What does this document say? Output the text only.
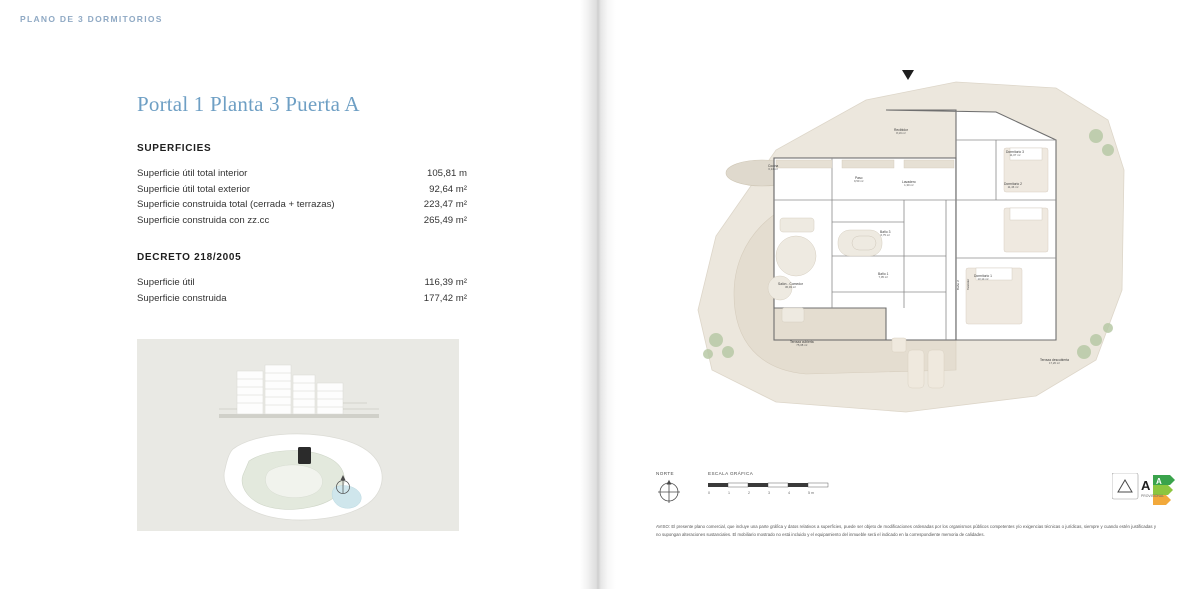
PLANO DE 3 DORMITORIOS
Portal 1 Planta 3 Puerta A
SUPERFICIES
Superficie útil total interior	105,81 m
Superficie útil total exterior	92,64 m²
Superficie construida total (cerrada + terrazas)	223,47 m²
Superficie construida con zz.cc	265,49 m²
DECRETO 218/2005
Superficie útil	116,39 m²
Superficie construida	177,42 m²
Recibidor
8,19 m²
Cocina
6,14 m²
Paso
9,50 m²	Lavadero
1,30 m²
Dormitorio 3
11,07 m²
Dormitorio 2
11,46 m²
Baño 3
6,75 m²
Baño 1
7,05 m²	Dormitorio 1
13,14 m²
Salón - Comedor
36,49 m²
Terraza cubierta
75,38 m²
Terraza descubierta
17,26 m²
Baño 2 Vestidor
NORTE	ESCALA GRÁFICA
0	1	2	3	4	5 m	A A
PROVISIONAL
AVISO: El presente plano comercial, que incluye una parte gráfica y datos relativos a superficies, puede ser objeto de modificaciones ordenadas por los organismos públicos competentes y/o exigencias técnicas o jurídicas, siempre y cuando estén justificadas y no supongan alteraciones sustanciales. El mobiliario mostrado no está incluido y el equipamiento del inmueble será el indicado en la correspondiente memoria de calidades.
